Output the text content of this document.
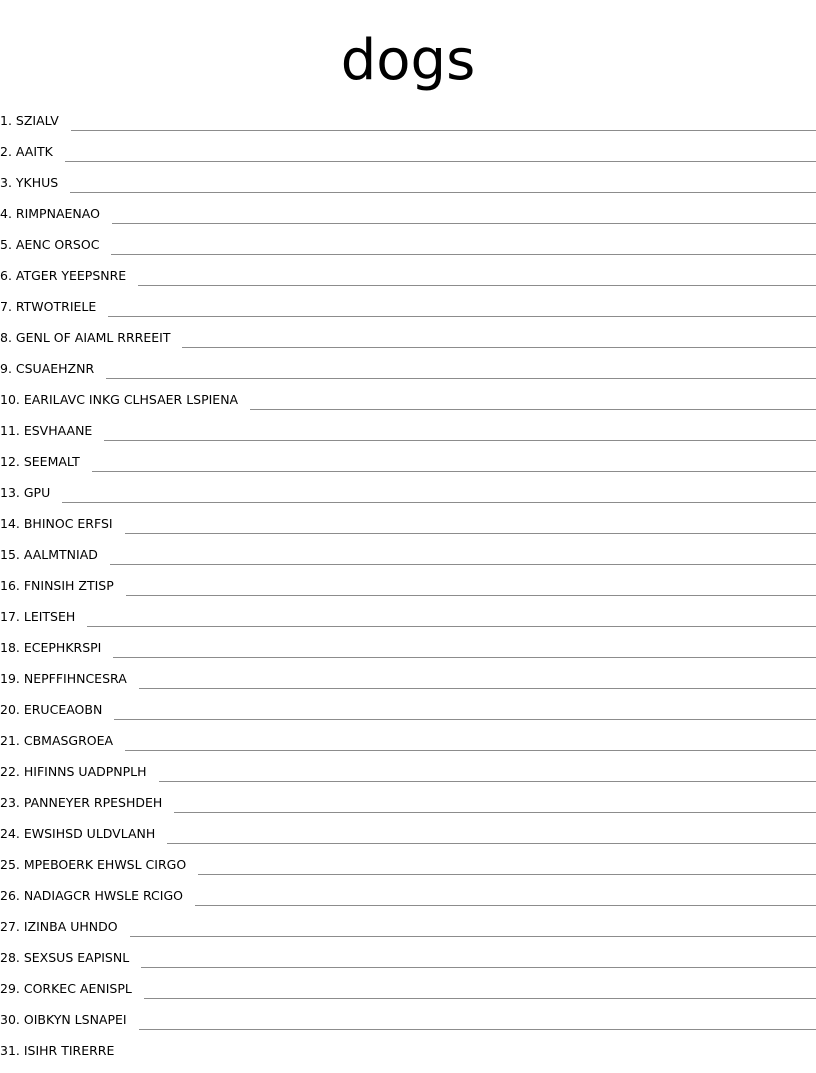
dogs
1. SZIALV
2. AAITK
3. YKHUS
4. RIMPNAENAO
5. AENC ORSOC
6. ATGER YEEPSNRE
7. RTWOTRIELE
8. GENL OF AIAML RRREEIT
9. CSUAEHZNR
10. EARILAVC INKG CLHSAER LSPIENA
11. ESVHAANE
12. SEEMALT
13. GPU
14. BHINOC ERFSI
15. AALMTNIAD
16. FNINSIH ZTISP
17. LEITSEH
18. ECEPHKRSPI
19. NEPFFIHNCESRA
20. ERUCEAOBN
21. CBMASGROEA
22. HIFINNS UADPNPLH
23. PANNEYER RPESHDEH
24. EWSIHSD ULDVLANH
25. MPEBOERK EHWSL CIRGO
26. NADIAGCR HWSLE RCIGO
27. IZINBA UHNDO
28. SEXSUS EAPISNL
29. CORKEC AENISPL
30. OIBKYN LSNAPEI
31. ISIHR TIRERRE
